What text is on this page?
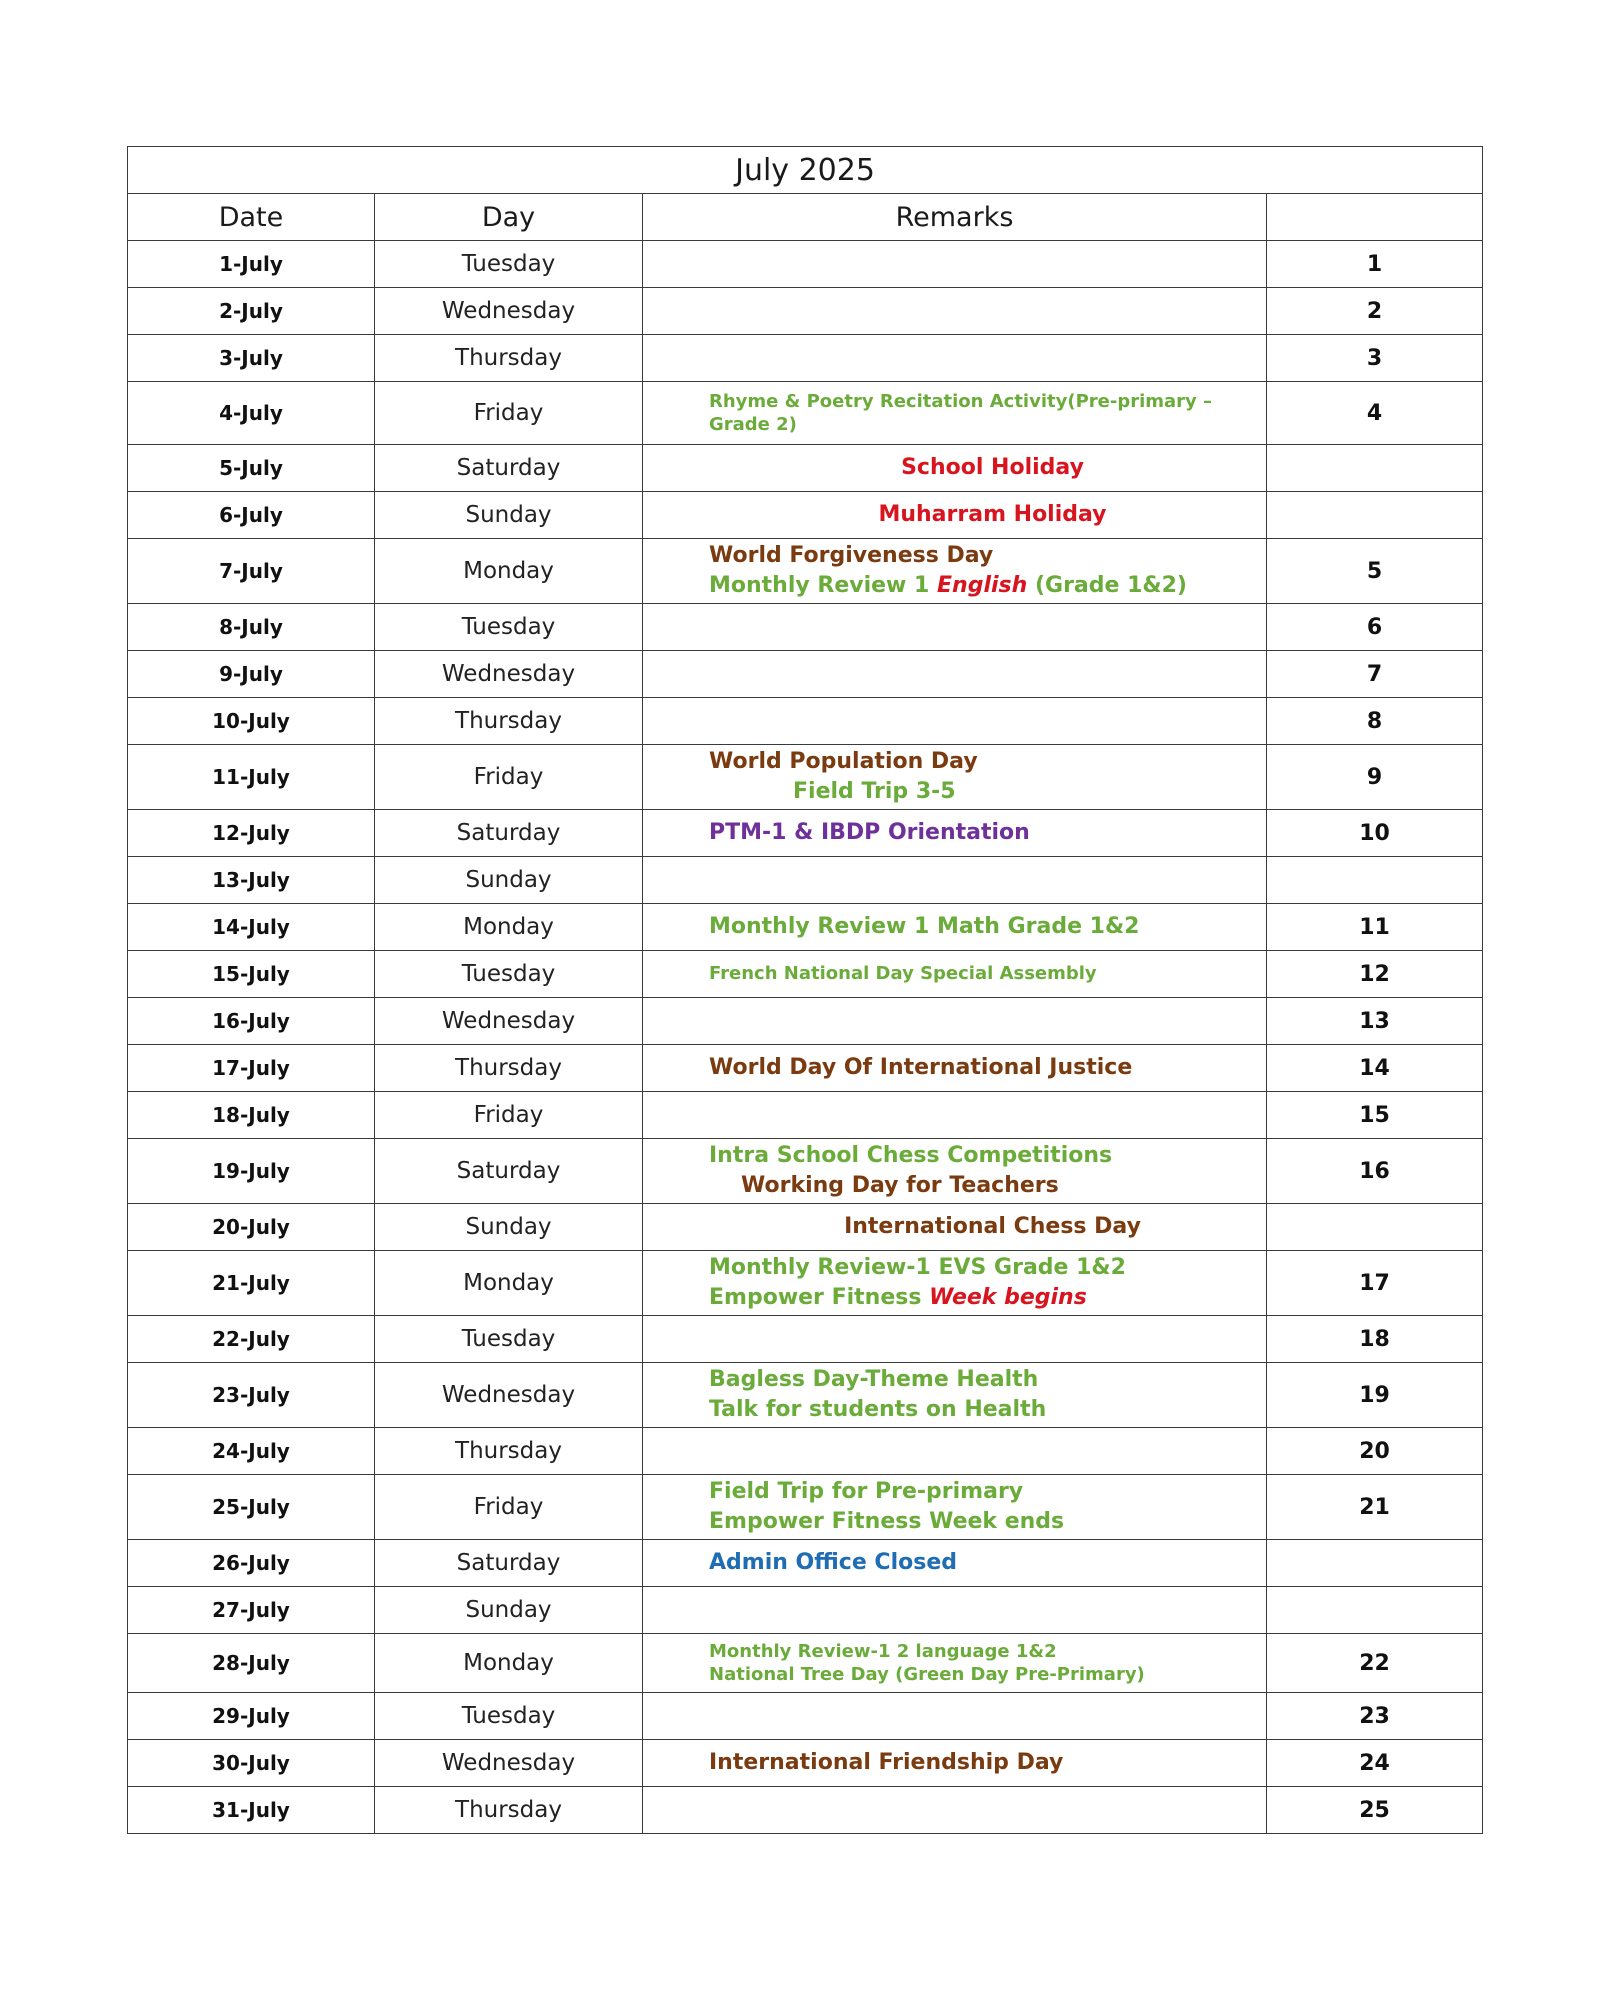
July 2025			
Date	Day	Remarks	
1-July	Tuesday		1
2-July	Wednesday		2
3-July	Thursday		3
4-July	Friday	Rhyme & Poetry Recitation Activity(Pre-primary – Grade 2)	4
5-July	Saturday	School Holiday	

6-July	Sunday	Muharram Holiday	

7-July	Monday	World Forgiveness Day
Monthly Review 1 English (Grade 1&2)	5
8-July	Tuesday		6
9-July	Wednesday		7
10-July	Thursday		8
11-July	Friday	World Population Day
Field Trip 3-5	9
12-July	Saturday	PTM-1 & IBDP Orientation	10
13-July	Sunday		
14-July	Monday	Monthly Review 1 Math Grade 1&2	11
15-July	Tuesday	French National Day Special Assembly	12
16-July	Wednesday		13
17-July	Thursday	World Day Of International Justice	14
18-July	Friday		15
19-July	Saturday	Intra School Chess Competitions
Working Day for Teachers	16
20-July	Sunday	International Chess Day	

21-July	Monday	Monthly Review-1 EVS Grade 1&2
Empower Fitness Week begins	17
22-July	Tuesday		18
23-July	Wednesday	Bagless Day-Theme Health
Talk for students on Health	19
24-July	Thursday		20
25-July	Friday	Field Trip for Pre-primary
Empower Fitness Week ends	21
26-July	Saturday	Admin Office Closed	

27-July	Sunday		
28-July	Monday	Monthly Review-1 2 language 1&2
National Tree Day (Green Day Pre-Primary)	22
29-July	Tuesday		23
30-July	Wednesday	International Friendship Day	24
31-July	Thursday		25
